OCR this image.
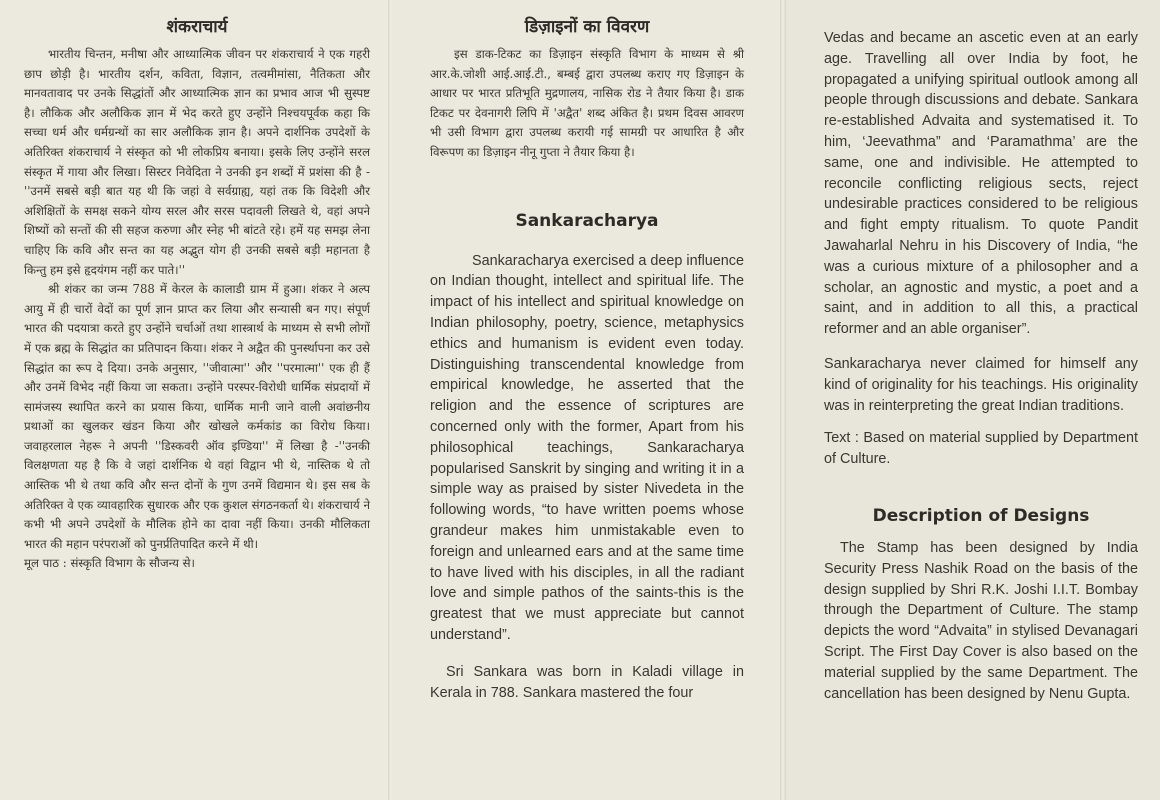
शंकराचार्य

भारतीय चिन्तन, मनीषा और आध्यात्मिक जीवन पर शंकराचार्य ने एक गहरी छाप छोड़ी है। भारतीय दर्शन, कविता, विज्ञान, तत्वमीमांसा, नैतिकता और मानवतावाद पर उनके सिद्धांतों और आध्यात्मिक ज्ञान का प्रभाव आज भी सुस्पष्ट है। लौकिक और अलौकिक ज्ञान में भेद करते हुए उन्होंने निश्चयपूर्वक कहा कि सच्चा धर्म और धर्मग्रन्थों का सार अलौकिक ज्ञान है। अपने दार्शनिक उपदेशों के अतिरिक्त शंकराचार्य ने संस्कृत को भी लोकप्रिय बनाया। इसके लिए उन्होंने सरल संस्कृत में गाया और लिखा। सिस्टर निवेदिता ने उनकी इन शब्दों में प्रशंसा की है - ''उनमें सबसे बड़ी बात यह थी कि जहां वे सर्वग्राह्य, यहां तक कि विदेशी और अशिक्षितों के समक्ष सकने योग्य सरल और सरस पदावली लिखते थे, वहां अपने शिष्यों को सन्तों की सी सहज करुणा और स्नेह भी बांटते रहे। हमें यह समझ लेना चाहिए कि कवि और सन्त का यह अद्भुत योग ही उनकी सबसे बड़ी महानता है किन्तु हम इसे हृदयंगम नहीं कर पाते।''

श्री शंकर का जन्म 788 में केरल के कालाडी ग्राम में हुआ। शंकर ने अल्प आयु में ही चारों वेदों का पूर्ण ज्ञान प्राप्त कर लिया और सन्यासी बन गए। संपूर्ण भारत की पदयात्रा करते हुए उन्होंने चर्चाओं तथा शास्त्रार्थ के माध्यम से सभी लोगों में एक ब्रह्म के सिद्धांत का प्रतिपादन किया। शंकर ने अद्वैत की पुनर्स्थापना कर उसे सिद्धांत का रूप दे दिया। उनके अनुसार, ''जीवात्मा'' और ''परमात्मा'' एक ही हैं और उनमें विभेद नहीं किया जा सकता। उन्होंने परस्पर-विरोधी धार्मिक संप्रदायों में सामंजस्य स्थापित करने का प्रयास किया, धार्मिक मानी जाने वाली अवांछनीय प्रथाओं का खुलकर खंडन किया और खोखले कर्मकांड का विरोध किया। जवाहरलाल नेहरू ने अपनी ''डिस्कवरी ऑव इण्डिया'' में लिखा है -''उनकी विलक्षणता यह है कि वे जहां दार्शनिक थे वहां विद्वान भी थे, नास्तिक थे तो आस्तिक भी थे तथा कवि और सन्त दोनों के गुण उनमें विद्यमान थे। इस सब के अतिरिक्त वे एक व्यावहारिक सुधारक और एक कुशल संगठनकर्ता थे। शंकराचार्य ने कभी भी अपने उपदेशों के मौलिक होने का दावा नहीं किया। उनकी मौलिकता भारत की महान परंपराओं को पुनर्प्रतिपादित करने में थी।

मूल पाठ : संस्कृति विभाग के सौजन्य से।

डिज़ाइनों का विवरण

इस डाक-टिकट का डिज़ाइन संस्कृति विभाग के माध्यम से श्री आर.के.जोशी आई.आई.टी., बम्बई द्वारा उपलब्ध कराए गए डिज़ाइन के आधार पर भारत प्रतिभूति मुद्रणालय, नासिक रोड ने तैयार किया है। डाक टिकट पर देवनागरी लिपि में 'अद्वैत' शब्द अंकित है। प्रथम दिवस आवरण भी उसी विभाग द्वारा उपलब्ध करायी गई सामग्री पर आधारित है और विरूपण का डिज़ाइन नीनू गुप्ता ने तैयार किया है।

Sankaracharya

Sankaracharya exercised a deep influence on Indian thought, intellect and spiritual life. The impact of his intellect and spiritual knowledge on Indian philosophy, poetry, science, metaphysics ethics and humanism is evident even today. Distinguishing transcendental knowledge from empirical knowledge, he asserted that the religion and the essence of scriptures are concerned only with the former, Apart from his philosophical teachings, Sankaracharya popularised Sanskrit by singing and writing it in a simple way as praised by sister Nivedeta in the following words, “to have written poems whose grandeur makes him unmistakable even to foreign and unlearned ears and at the same time to have lived with his disciples, in all the radiant love and simple pathos of the saints-this is the greatest that we must appreciate but cannot understand”.

Sri Sankara was born in Kaladi village in Kerala in 788. Sankara mastered the four

Vedas and became an ascetic even at an early age. Travelling all over India by foot, he propagated a unifying spiritual outlook among all people through discussions and debate. Sankara re-established Advaita and systematised it. To him, ‘Jeevathma” and ‘Paramathma’ are the same, one and indivisible. He attempted to reconcile conflicting religious sects, reject undesirable practices considered to be religious and fight empty ritualism. To quote Pandit Jawaharlal Nehru in his Discovery of India, “he was a curious mixture of a philosopher and a scholar, an agnostic and mystic, a poet and a saint, and in addition to all this, a practical reformer and an able organiser”.

Sankaracharya never claimed for himself any kind of originality for his teachings. His originality was in reinterpreting the great Indian traditions.

Text : Based on material supplied by Department of Culture.

Description of Designs

The Stamp has been designed by India Security Press Nashik Road on the basis of the design supplied by Shri R.K. Joshi I.I.T. Bombay through the Department of Culture. The stamp depicts the word “Advaita” in stylised Devanagari Script. The First Day Cover is also based on the material supplied by the same Department. The cancellation has been designed by Nenu Gupta.
